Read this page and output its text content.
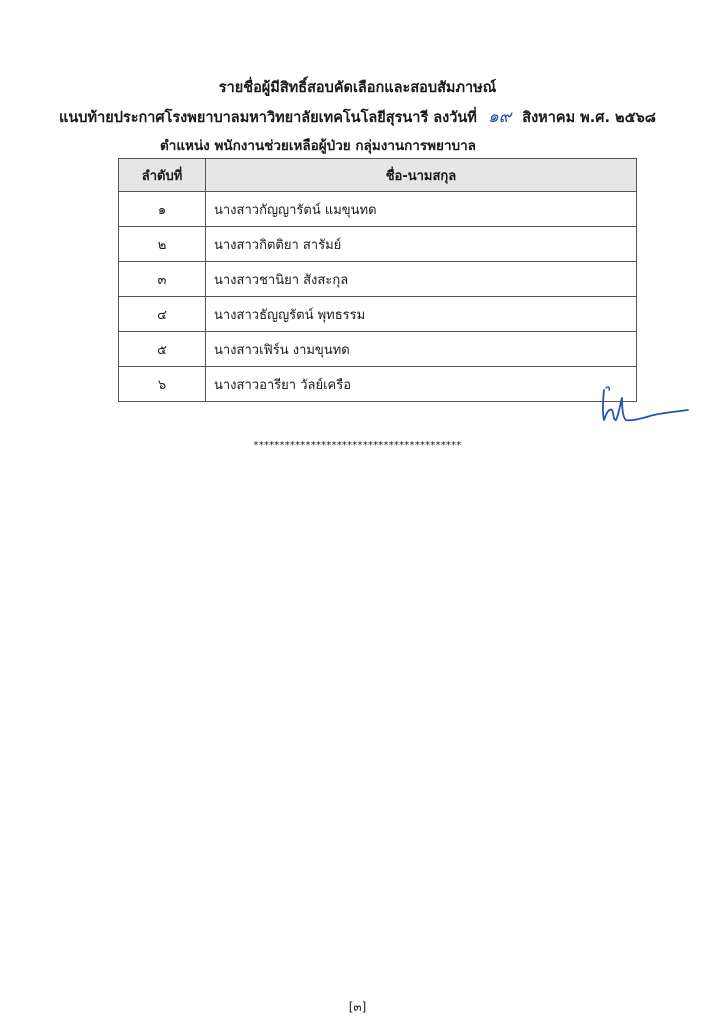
รายชื่อผู้มีสิทธิ์สอบคัดเลือกและสอบสัมภาษณ์
แนบท้ายประกาศโรงพยาบาลมหาวิทยาลัยเทคโนโลยีสุรนารี ลงวันที่ ๑๙ สิงหาคม พ.ศ. ๒๕๖๘
ตำแหน่ง พนักงานช่วยเหลือผู้ป่วย กลุ่มงานการพยาบาล
ลำดับที่	ชื่อ-นามสกุล
๑	นางสาวกัญญารัตน์ แมขุนทด
๒	นางสาวกิตติยา สารัมย์
๓	นางสาวชานิยา สังสะกุล
๔	นางสาวธัญญรัตน์ พุทธรรม
๕	นางสาวเฟิร์น งามขุนทด
๖	นางสาวอารียา วัลย์เครือ
****************************************
[๓]
